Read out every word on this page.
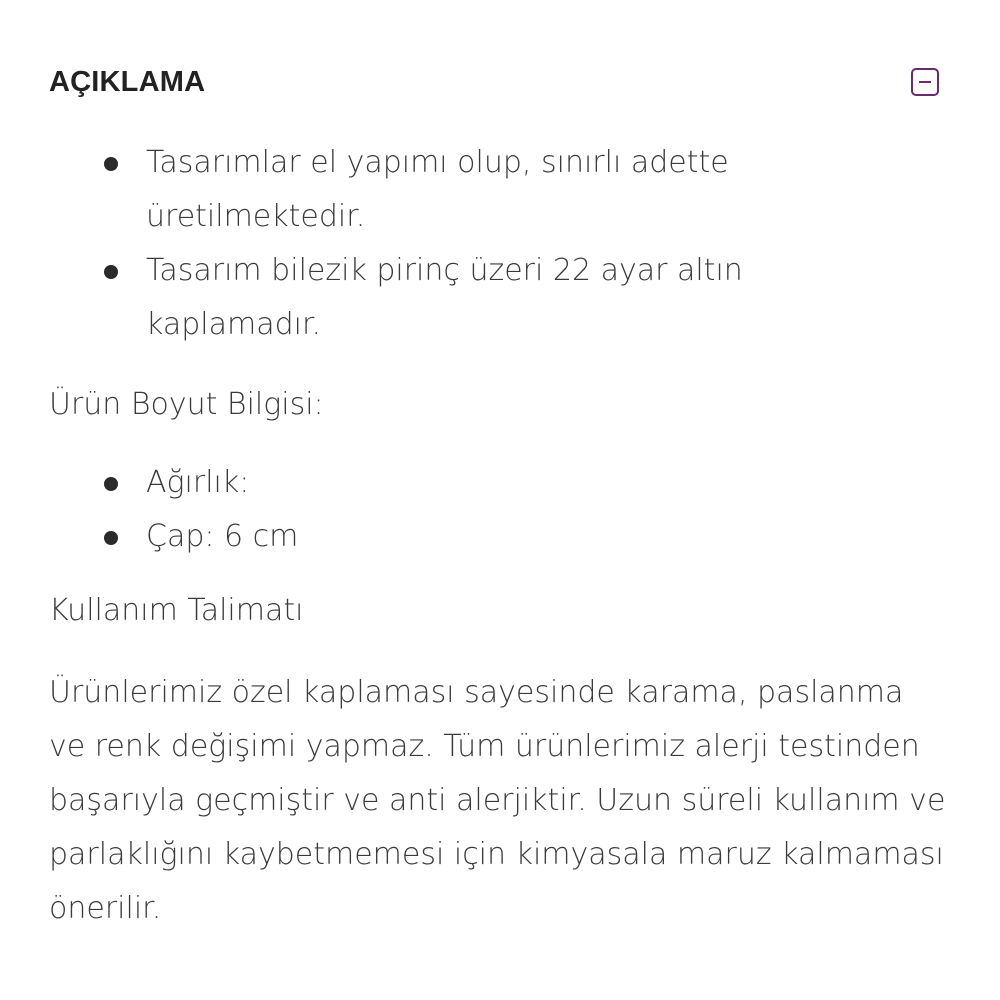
AÇIKLAMA
Tasarımlar el yapımı olup, sınırlı adette üretilmektedir.
Tasarım bilezik pirinç üzeri 22 ayar altın kaplamadır.

Ürün Boyut Bilgisi:

Ağırlık:
Çap: 6 cm

Kullanım Talimatı

Ürünlerimiz özel kaplaması sayesinde karama, paslanma ve renk değişimi yapmaz. Tüm ürünlerimiz alerji testinden başarıyla geçmiştir ve anti alerjiktir. Uzun süreli kullanım ve parlaklığını kaybetmemesi için kimyasala maruz kalmaması önerilir.
